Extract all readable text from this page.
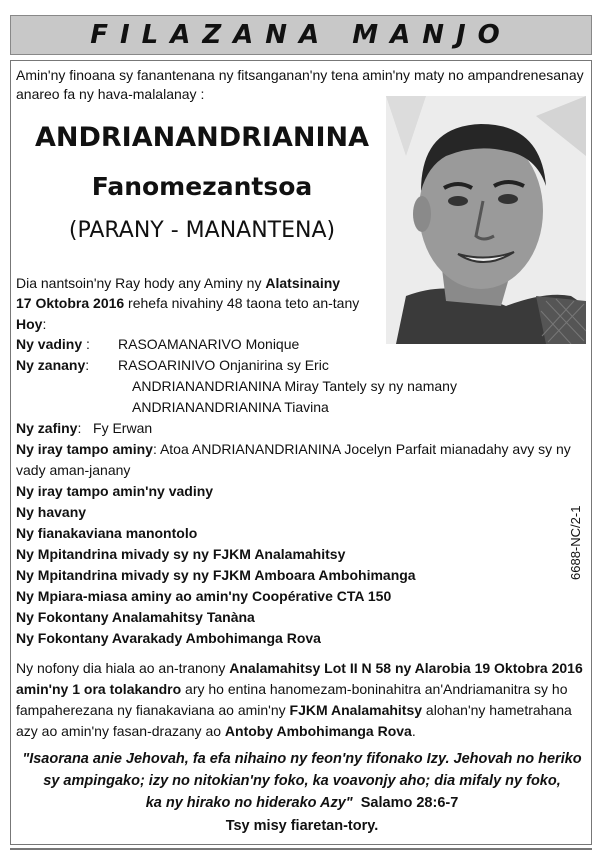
FILAZANA MANJO
Amin'ny finoana sy fanantenana ny fitsanganan'ny tena amin'ny maty no ampandrenesanay
anareo fa ny hava-malalanay :
ANDRIANANDRIANINA
Fanomezantsoa
(PARANY - MANANTENA)
Dia nantsoin'ny Ray hody any Aminy ny Alatsinainy
17 Oktobra 2016 rehefa nivahiny 48 taona teto an-tany
Hoy:
Ny vadiny : RASOAMANARIVO Monique
Ny zanany: RASOARINIVO Onjanirina sy Eric
ANDRIANANDRIANINA Miray Tantely sy ny namany
ANDRIANANDRIANINA Tiavina
Ny zafiny:   Fy Erwan
Ny iray tampo aminy: Atoa ANDRIANANDRIANINA Jocelyn Parfait mianadahy avy sy ny
vady aman-janany
Ny iray tampo amin'ny vadiny
Ny havany
Ny fianakaviana manontolo
Ny Mpitandrina mivady sy ny FJKM Analamahitsy
Ny Mpitandrina mivady sy ny FJKM Amboara Ambohimanga
Ny Mpiara-miasa aminy ao amin'ny Coopérative CTA 150
Ny Fokontany Analamahitsy Tanàna
Ny Fokontany Avarakady Ambohimanga Rova
6688-NC/2-1
Ny nofony dia hiala ao an-tranony Analamahitsy Lot II N 58 ny Alarobia 19 Oktobra 2016
amin'ny 1 ora tolakandro ary ho entina hanomezam-boninahitra an'Andriamanitra sy ho
fampaherezana ny fianakaviana ao amin'ny FJKM Analamahitsy alohan'ny hametrahana
azy ao amin'ny fasan-drazany ao Antoby Ambohimanga Rova.
"Isaorana anie Jehovah, fa efa nihaino ny feon'ny fifonako Izy. Jehovah no heriko
sy ampingako; izy no nitokian'ny foko, ka voavonjy aho; dia mifaly ny foko,
ka ny hirako no hiderako Azy" Salamo 28:6-7
Tsy misy fiaretan-tory.
